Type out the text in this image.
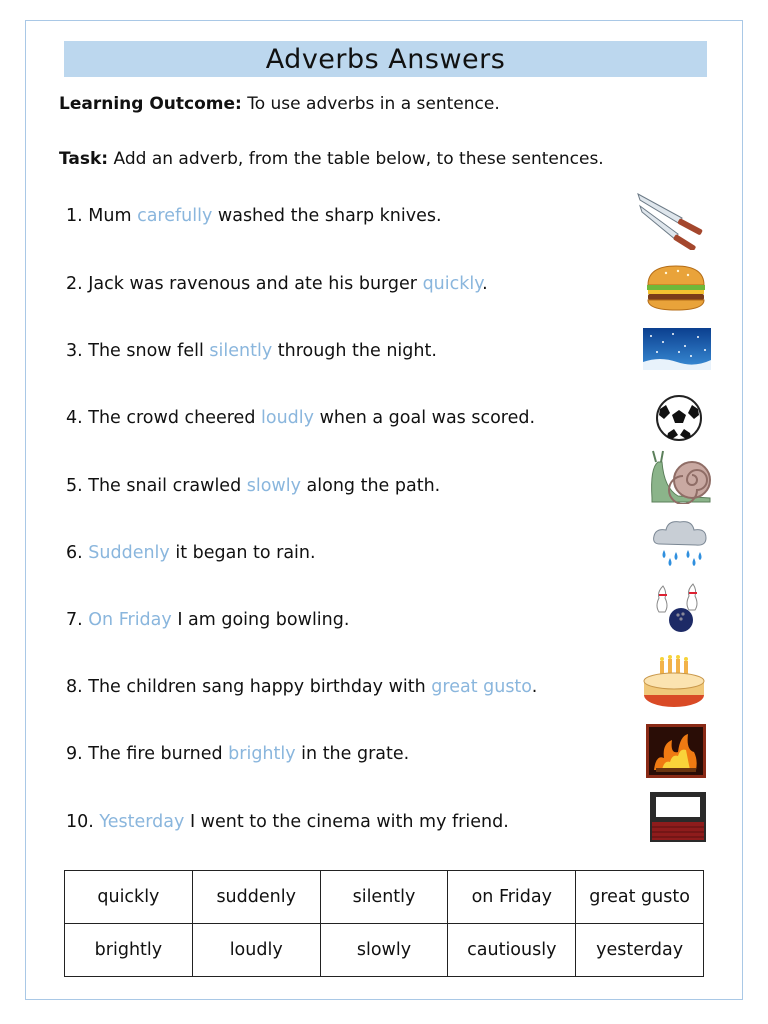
Adverbs Answers
Learning Outcome: To use adverbs in a sentence.
Task: Add an adverb, from the table below, to these sentences.
1. Mum carefully washed the sharp knives.
2. Jack was ravenous and ate his burger quickly.
3. The snow fell silently through the night.
4. The crowd cheered loudly when a goal was scored.
5. The snail crawled slowly along the path.
6. Suddenly it began to rain.
7. On Friday I am going bowling.
8. The children sang happy birthday with great gusto.
9. The fire burned brightly in the grate.
10. Yesterday I went to the cinema with my friend.
quickly	suddenly	silently	on Friday	great gusto
brightly	loudly	slowly	cautiously	yesterday
